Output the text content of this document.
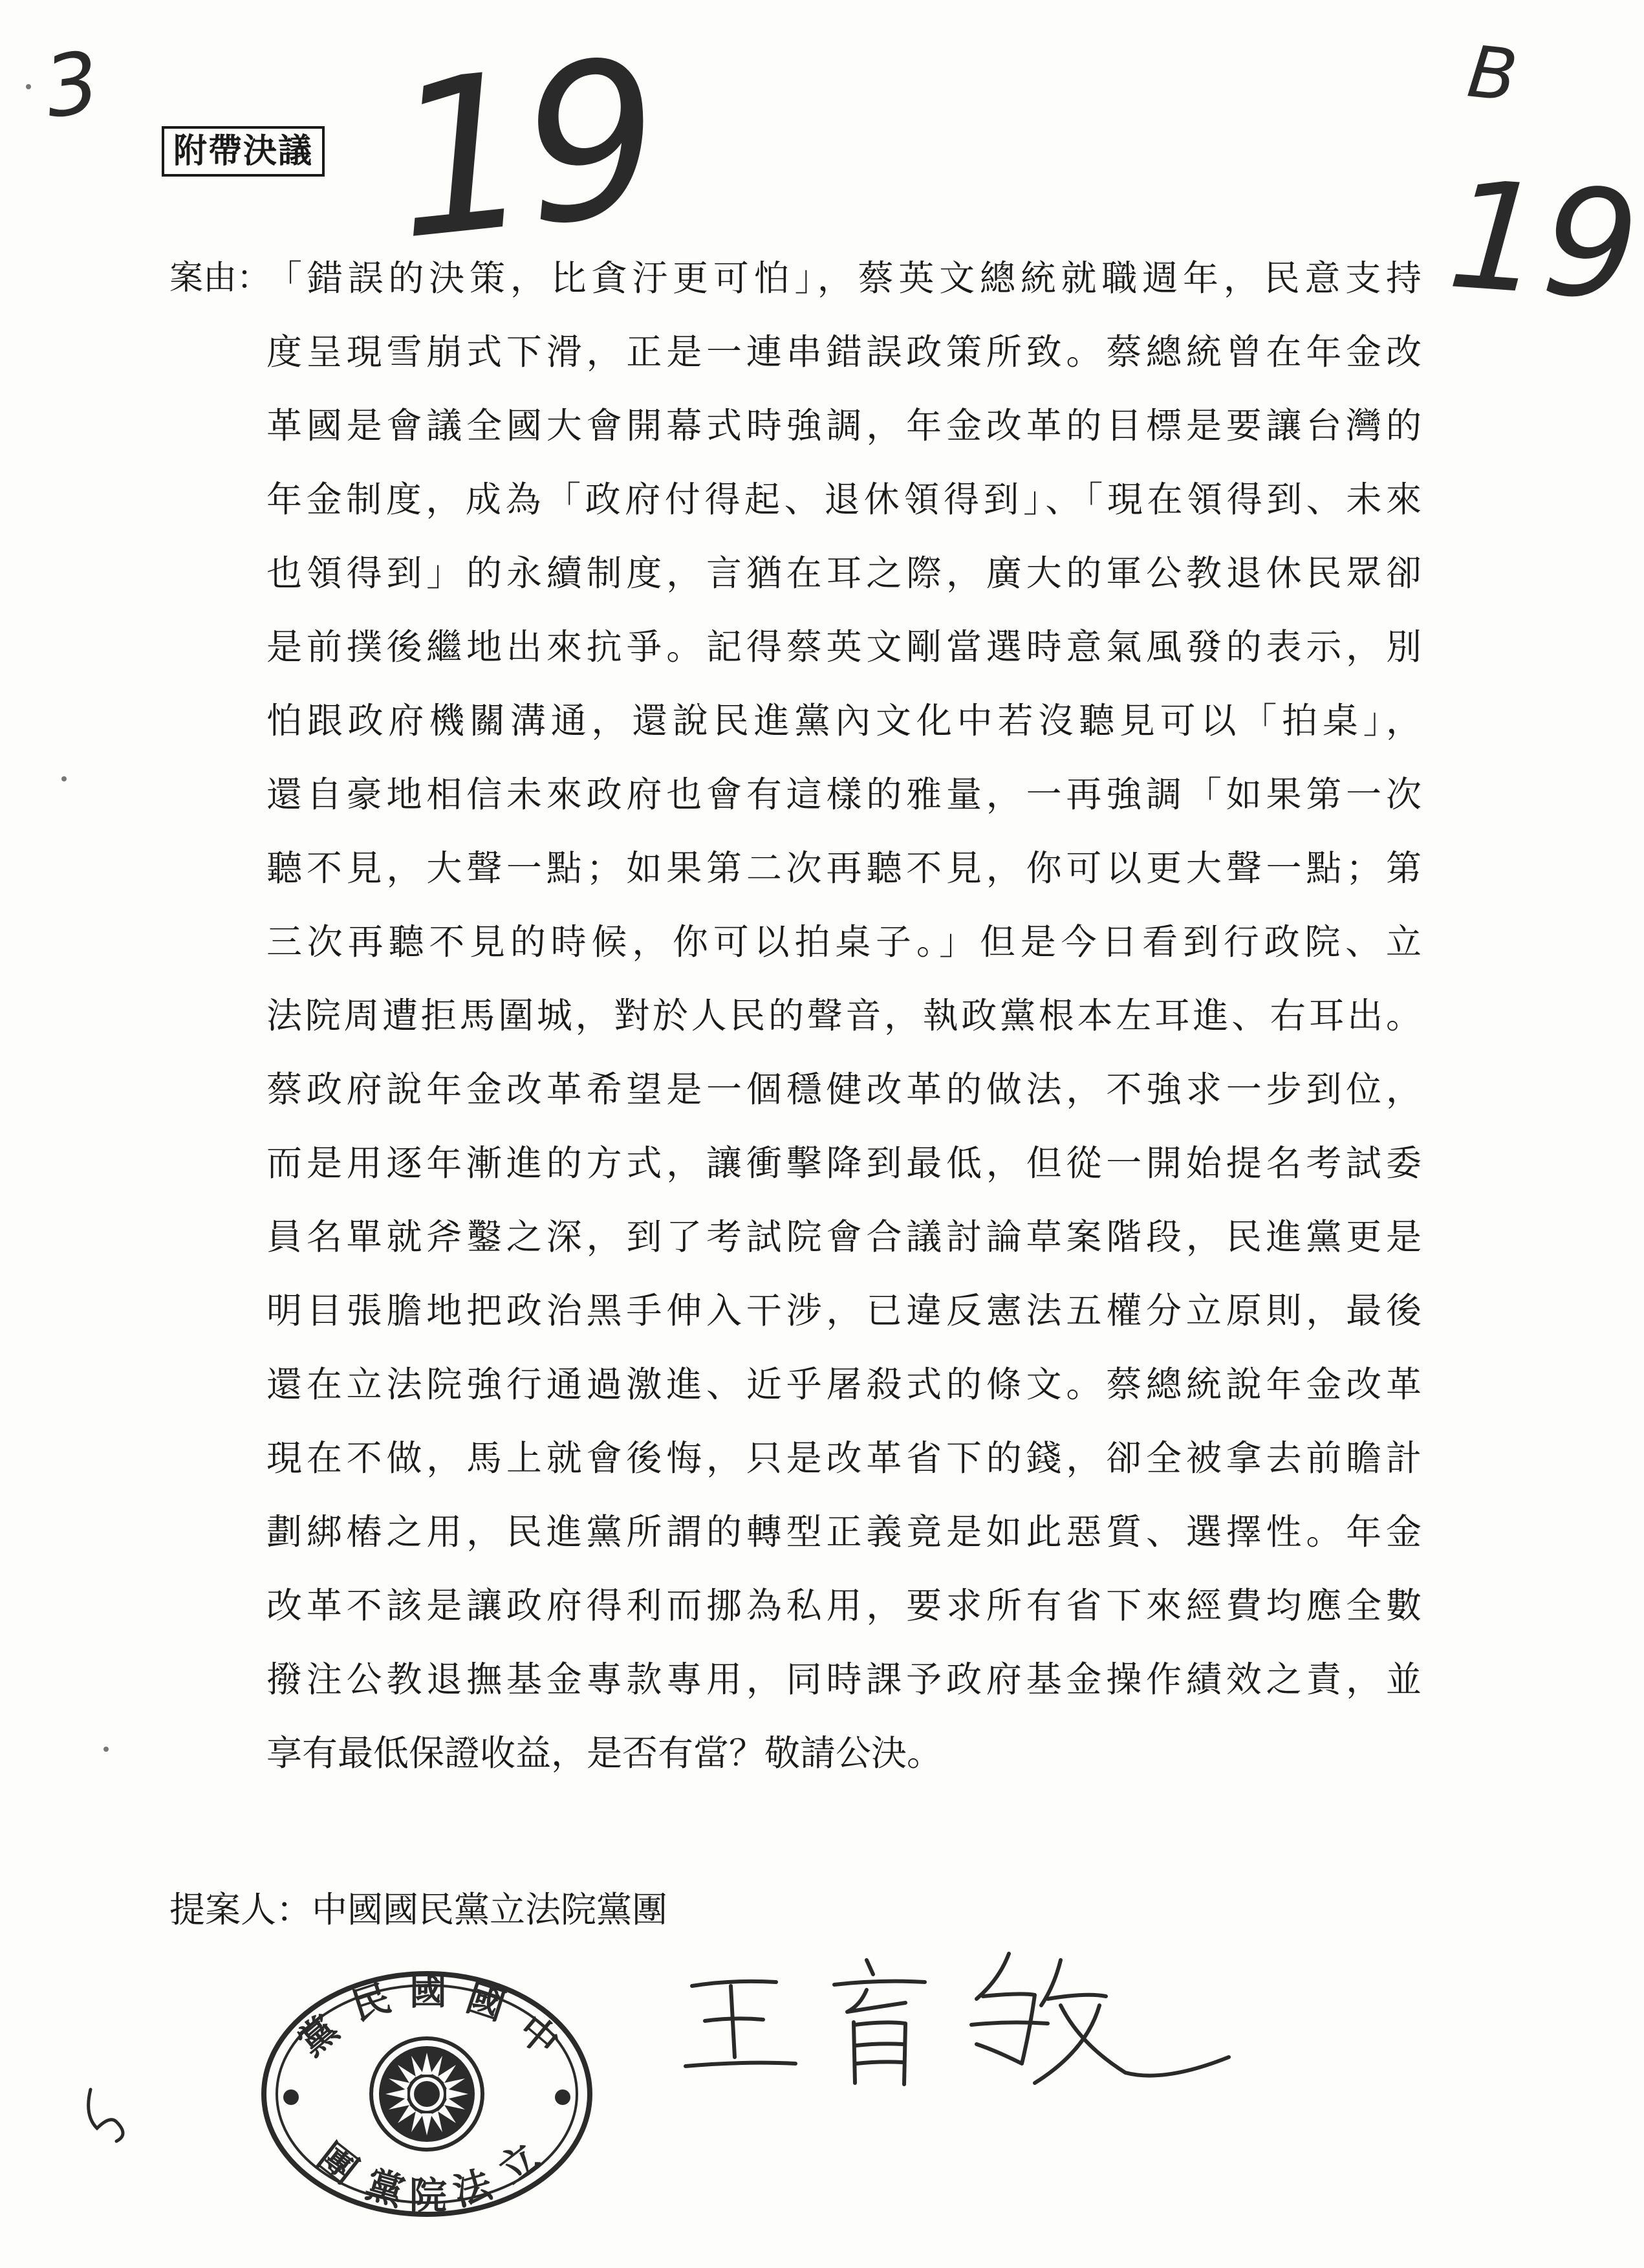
3	B
19	19
附帶決議
案由：
「錯誤的決策，比貪汙更可怕」，蔡英文總統就職週年，民意支持
度呈現雪崩式下滑，正是一連串錯誤政策所致。蔡總統曾在年金改
革國是會議全國大會開幕式時強調，年金改革的目標是要讓台灣的
年金制度，成為「政府付得起、退休領得到」、「現在領得到、未來
也領得到」的永續制度，言猶在耳之際，廣大的軍公教退休民眾卻
是前撲後繼地出來抗爭。記得蔡英文剛當選時意氣風發的表示，別
怕跟政府機關溝通，還說民進黨內文化中若沒聽見可以「拍桌」，
還自豪地相信未來政府也會有這樣的雅量，一再強調「如果第一次
聽不見，大聲一點；如果第二次再聽不見，你可以更大聲一點；第
三次再聽不見的時候，你可以拍桌子。」但是今日看到行政院、立
法院周遭拒馬圍城，對於人民的聲音，執政黨根本左耳進、右耳出。
蔡政府說年金改革希望是一個穩健改革的做法，不強求一步到位，
而是用逐年漸進的方式，讓衝擊降到最低，但從一開始提名考試委
員名單就斧鑿之深，到了考試院會合議討論草案階段，民進黨更是
明目張膽地把政治黑手伸入干涉，已違反憲法五權分立原則，最後
還在立法院強行通過激進、近乎屠殺式的條文。蔡總統說年金改革
現在不做，馬上就會後悔，只是改革省下的錢，卻全被拿去前瞻計
劃綁樁之用，民進黨所謂的轉型正義竟是如此惡質、選擇性。年金
改革不該是讓政府得利而挪為私用，要求所有省下來經費均應全數
撥注公教退撫基金專款專用，同時課予政府基金操作績效之責，並
享有最低保證收益，是否有當？敬請公決。
提案人：中國國民黨立法院黨團
黨
民 國 國
中
團
黨 院 法
立
